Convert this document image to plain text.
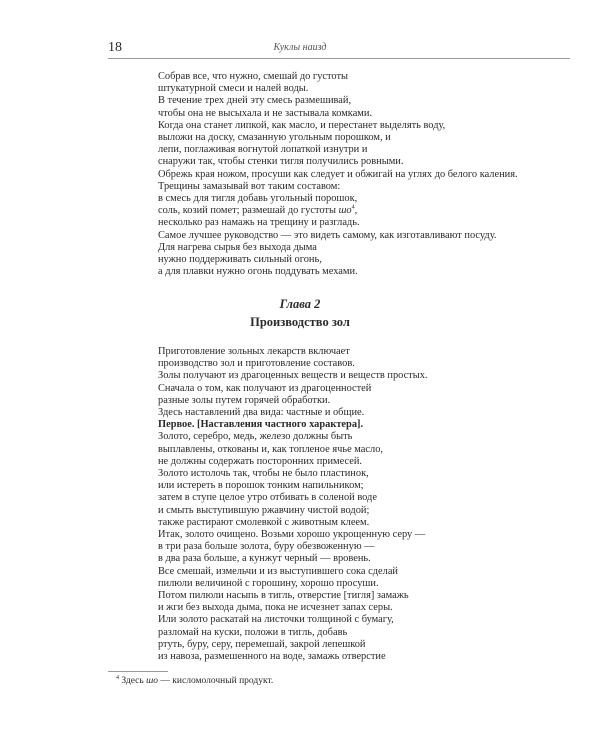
18	Куклы наизд
Собрав все, что нужно, смешай до густоты
штукатурной смеси и налей воды.
В течение трех дней эту смесь размешивай,
чтобы она не высыхала и не застывала комками.
Когда она станет липкой, как масло, и перестанет выделять воду,
выложи на доску, смазанную угольным порошком, и
лепи, поглаживая вогнутой лопаткой изнутри и
снаружи так, чтобы стенки тигля получились ровными.
Обрежь края ножом, просуши как следует и обжигай на углях до белого каления.
Трещины замазывай вот таким составом:
в смесь для тигля добавь угольный порошок,
соль, козий помет; размешай до густоты $шо^4$,
несколько раз намажь на трещину и разгладь.
Самое лучшее руководство — это видеть самому, как изготавливают посуду.
Для нагрева сырья без выхода дыма
нужно поддерживать сильный огонь,
а для плавки нужно огонь поддувать мехами.
Глава 2
Производство зол
Приготовление зольных лекарств включает
производство зол и приготовление составов.
Золы получают из драгоценных веществ и веществ простых.
Сначала о том, как получают из драгоценностей
разные золы путем горячей обработки.
Здесь наставлений два вида: частные и общие.
Первое. [Наставления частного характера].
Золото, серебро, медь, железо должны быть
выплавлены, откованы и, как топленое ячье масло,
не должны содержать посторонних примесей.
Золото истолочь так, чтобы не было пластинок,
или истереть в порошок тонким напильником;
затем в ступе целое утро отбивать в соленой воде
и смыть выступившую ржавчину чистой водой;
также растирают смолевкой с животным клеем.
Итак, золото очищено. Возьми хорошо укрощенную серу —
в три раза больше золота, буру обезвоженную —
в два раза больше, а кунжут черный — вровень.
Все смешай, измельчи и из выступившего сока сделай
пилюли величиной с горошину, хорошо просуши.
Потом пилюли насыпь в тигль, отверстие [тигля] замажь
и жги без выхода дыма, пока не исчезнет запах серы.
Или золото раскатай на листочки толщиной с бумагу,
разломай на куски, положи в тигль, добавь
ртуть, буру, серу, перемешай, закрой лепешкой
из навоза, размешенного на воде, замажь отверстие
$^4$ Здесь шо — кисломолочный продукт.
